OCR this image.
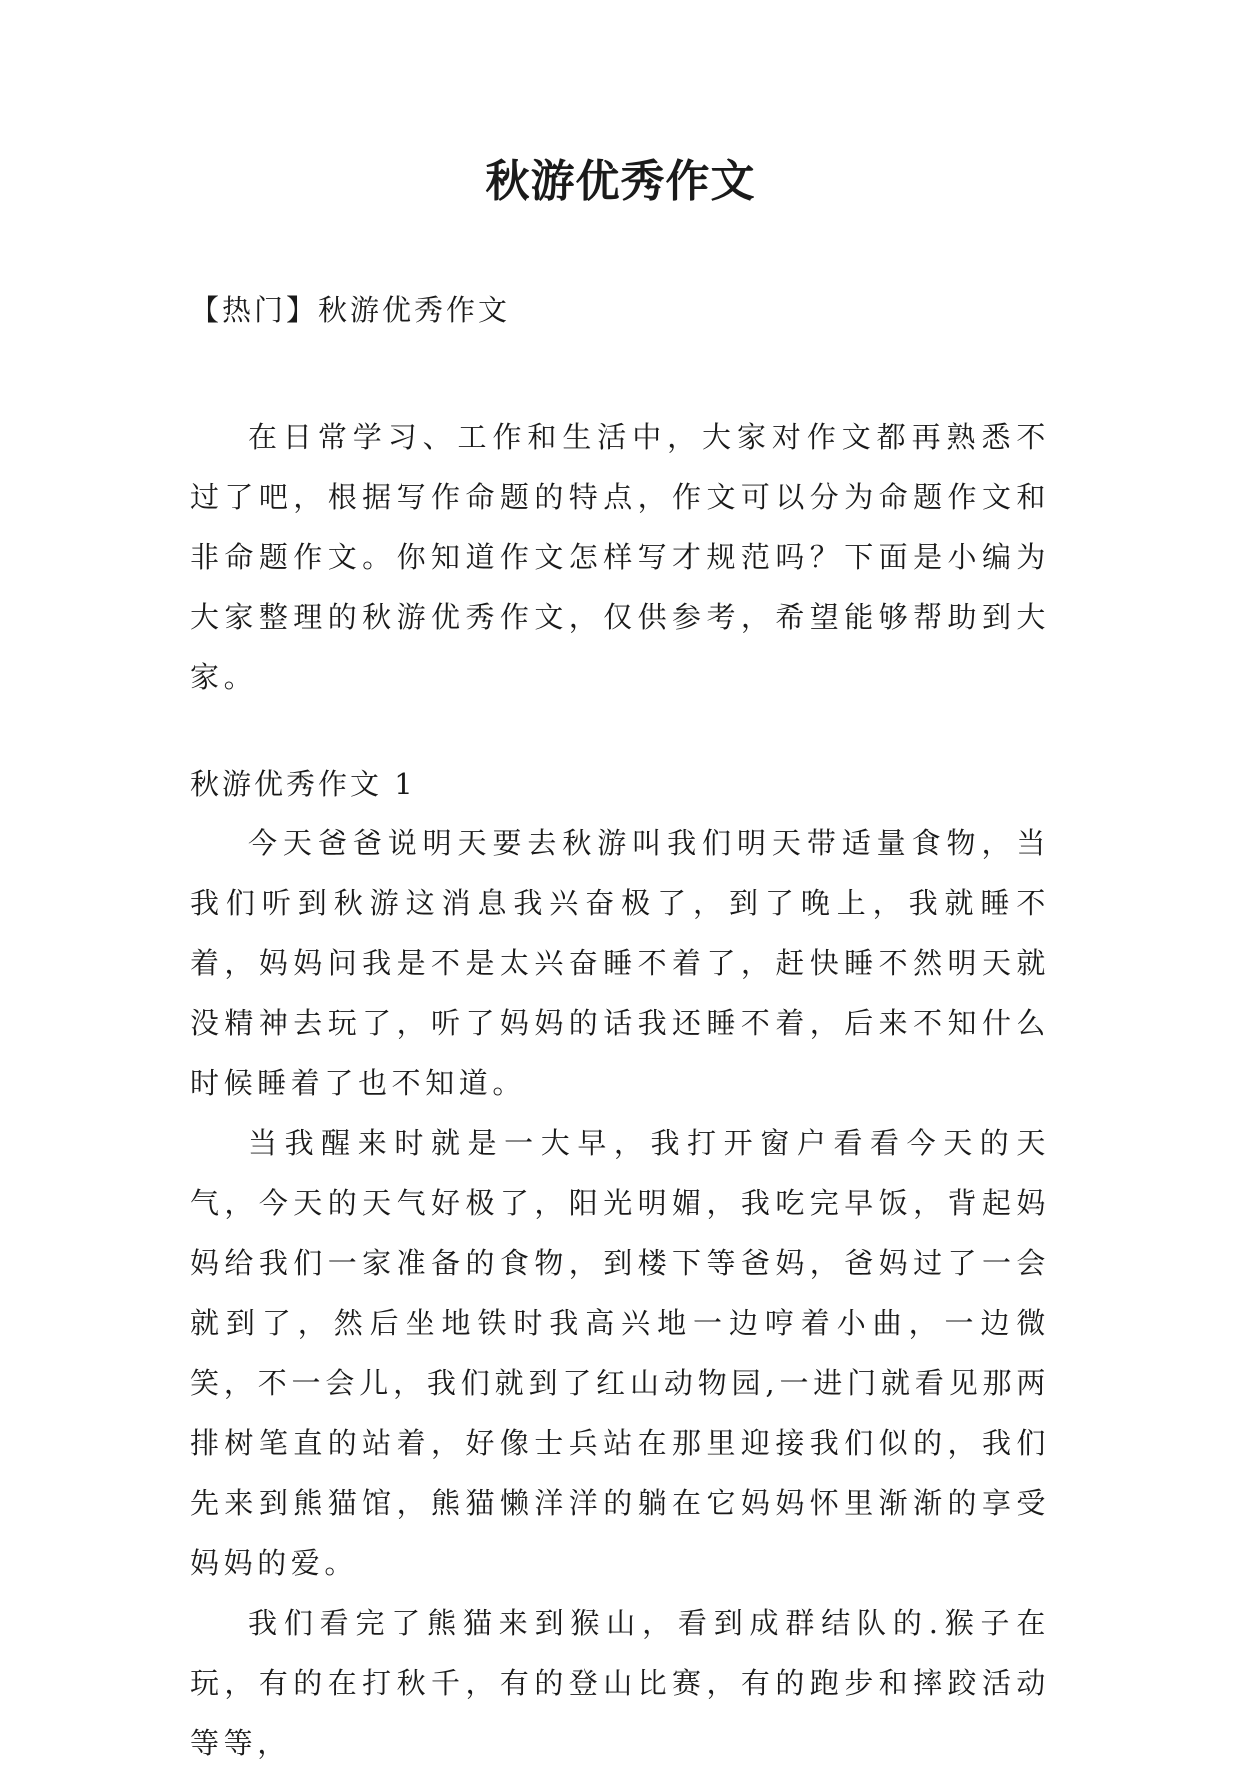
秋游优秀作文

【热门】秋游优秀作文

在日常学习、工作和生活中，大家对作文都再熟悉不过了吧，根据写作命题的特点，作文可以分为命题作文和非命题作文。你知道作文怎样写才规范吗？下面是小编为大家整理的秋游优秀作文，仅供参考，希望能够帮助到大家。

秋游优秀作文 1

今天爸爸说明天要去秋游叫我们明天带适量食物，当我们听到秋游这消息我兴奋极了，到了晚上，我就睡不着，妈妈问我是不是太兴奋睡不着了，赶快睡不然明天就没精神去玩了，听了妈妈的话我还睡不着，后来不知什么时候睡着了也不知道。

当我醒来时就是一大早，我打开窗户看看今天的天气，今天的天气好极了，阳光明媚，我吃完早饭，背起妈妈给我们一家准备的食物，到楼下等爸妈，爸妈过了一会就到了，然后坐地铁时我高兴地一边哼着小曲，一边微笑，不一会儿，我们就到了红山动物园,一进门就看见那两排树笔直的站着，好像士兵站在那里迎接我们似的，我们先来到熊猫馆，熊猫懒洋洋的躺在它妈妈怀里渐渐的享受妈妈的爱。

我们看完了熊猫来到猴山，看到成群结队的.猴子在玩，有的在打秋千，有的登山比赛，有的跑步和摔跤活动等等，
